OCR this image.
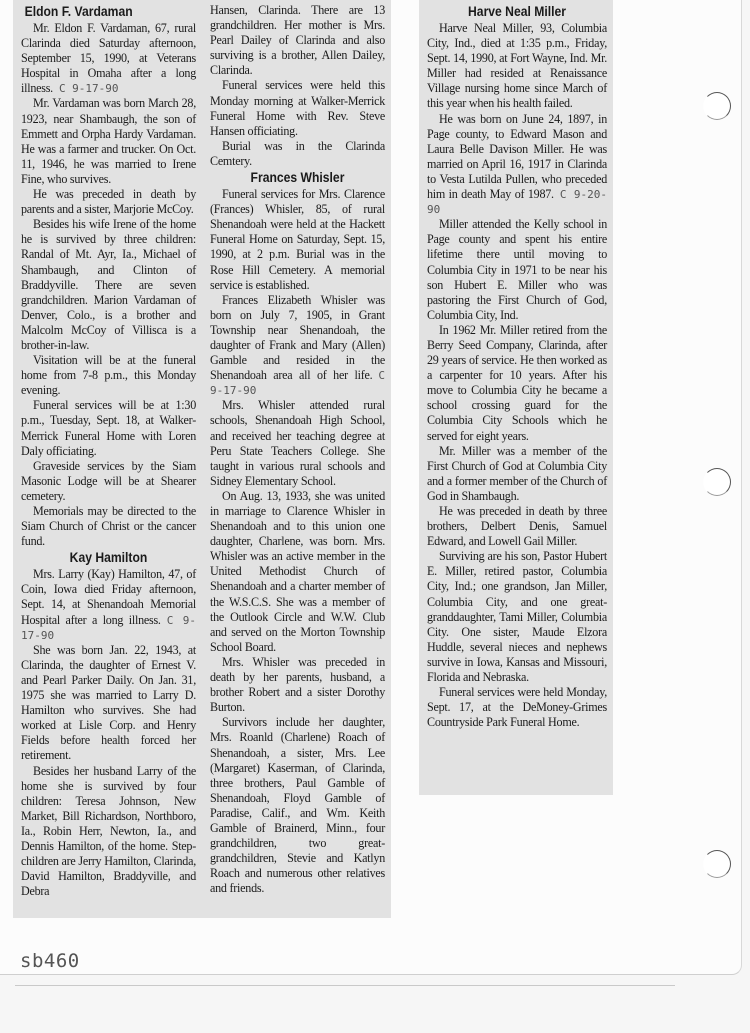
Eldon F. Vardaman

Mr. Eldon F. Vardaman, 67, rural Clarinda died Saturday afternoon, September 15, 1990, at Veterans Hospital in Omaha after a long illness. C 9-17-90

Mr. Vardaman was born March 28, 1923, near Shambaugh, the son of Emmett and Orpha Hardy Vardaman. He was a farmer and trucker. On Oct. 11, 1946, he was married to Irene Fine, who survives.

He was preceded in death by parents and a sister, Marjorie McCoy.

Besides his wife Irene of the home he is survived by three children: Randal of Mt. Ayr, Ia., Michael of Shambaugh, and Clinton of Braddyville. There are seven grandchildren. Marion Vardaman of Denver, Colo., is a brother and Malcolm McCoy of Villisca is a brother-in-law.

Visitation will be at the funeral home from 7-8 p.m., this Monday evening.

Funeral services will be at 1:30 p.m., Tuesday, Sept. 18, at Walker-Merrick Funeral Home with Loren Daly officiating.

Graveside services by the Siam Masonic Lodge will be at Shearer cemetery.

Memorials may be directed to the Siam Church of Christ or the cancer fund.

Kay Hamilton

Mrs. Larry (Kay) Hamilton, 47, of Coin, Iowa died Friday afternoon, Sept. 14, at Shenandoah Memorial Hospital after a long illness. C 9-17-90

She was born Jan. 22, 1943, at Clarinda, the daughter of Ernest V. and Pearl Parker Daily. On Jan. 31, 1975 she was married to Larry D. Hamilton who survives. She had worked at Lisle Corp. and Henry Fields before health forced her retirement.

Besides her husband Larry of the home she is survived by four children: Teresa Johnson, New Market, Bill Richardson, Northboro, Ia., Robin Herr, Newton, Ia., and Dennis Hamilton, of the home. Step-children are Jerry Hamilton, Clarinda, David Hamilton, Braddyville, and Debra

Hansen, Clarinda. There are 13 grandchildren. Her mother is Mrs. Pearl Dailey of Clarinda and also surviving is a brother, Allen Dailey, Clarinda.

Funeral services were held this Monday morning at Walker-Merrick Funeral Home with Rev. Steve Hansen officiating.

Burial was in the Clarinda Cemtery.

Frances Whisler

Funeral services for Mrs. Clarence (Frances) Whisler, 85, of rural Shenandoah were held at the Hackett Funeral Home on Saturday, Sept. 15, 1990, at 2 p.m. Burial was in the Rose Hill Cemetery. A memorial service is established.

Frances Elizabeth Whisler was born on July 7, 1905, in Grant Township near Shenandoah, the daughter of Frank and Mary (Allen) Gamble and resided in the Shenandoah area all of her life. C 9-17-90

Mrs. Whisler attended rural schools, Shenandoah High School, and received her teaching degree at Peru State Teachers College. She taught in various rural schools and Sidney Elementary School.

On Aug. 13, 1933, she was united in marriage to Clarence Whisler in Shenandoah and to this union one daughter, Charlene, was born. Mrs. Whisler was an active member in the United Methodist Church of Shenandoah and a charter member of the W.S.C.S. She was a member of the Outlook Circle and W.W. Club and served on the Morton Township School Board.

Mrs. Whisler was preceded in death by her parents, husband, a brother Robert and a sister Dorothy Burton.

Survivors include her daughter, Mrs. Roanld (Charlene) Roach of Shenandoah, a sister, Mrs. Lee (Margaret) Kaserman, of Clarinda, three brothers, Paul Gamble of Shenandoah, Floyd Gamble of Paradise, Calif., and Wm. Keith Gamble of Brainerd, Minn., four grandchildren, two great-grandchildren, Stevie and Katlyn Roach and numerous other relatives and friends.

Harve Neal Miller

Harve Neal Miller, 93, Columbia City, Ind., died at 1:35 p.m., Friday, Sept. 14, 1990, at Fort Wayne, Ind. Mr. Miller had resided at Renaissance Village nursing home since March of this year when his health failed.

He was born on June 24, 1897, in Page county, to Edward Mason and Laura Belle Davison Miller. He was married on April 16, 1917 in Clarinda to Vesta Lutilda Pullen, who preceded him in death May of 1987. C 9-20-90

Miller attended the Kelly school in Page county and spent his entire lifetime there until moving to Columbia City in 1971 to be near his son Hubert E. Miller who was pastoring the First Church of God, Columbia City, Ind.

In 1962 Mr. Miller retired from the Berry Seed Company, Clarinda, after 29 years of service. He then worked as a carpenter for 10 years. After his move to Columbia City he became a school crossing guard for the Columbia City Schools which he served for eight years.

Mr. Miller was a member of the First Church of God at Columbia City and a former member of the Church of God in Shambaugh.

He was preceded in death by three brothers, Delbert Denis, Samuel Edward, and Lowell Gail Miller.

Surviving are his son, Pastor Hubert E. Miller, retired pastor, Columbia City, Ind.; one grandson, Jan Miller, Columbia City, and one great-granddaughter, Tami Miller, Columbia City. One sister, Maude Elzora Huddle, several nieces and nephews survive in Iowa, Kansas and Missouri, Florida and Nebraska.

Funeral services were held Monday, Sept. 17, at the DeMoney-Grimes Countryside Park Funeral Home.

sb460
